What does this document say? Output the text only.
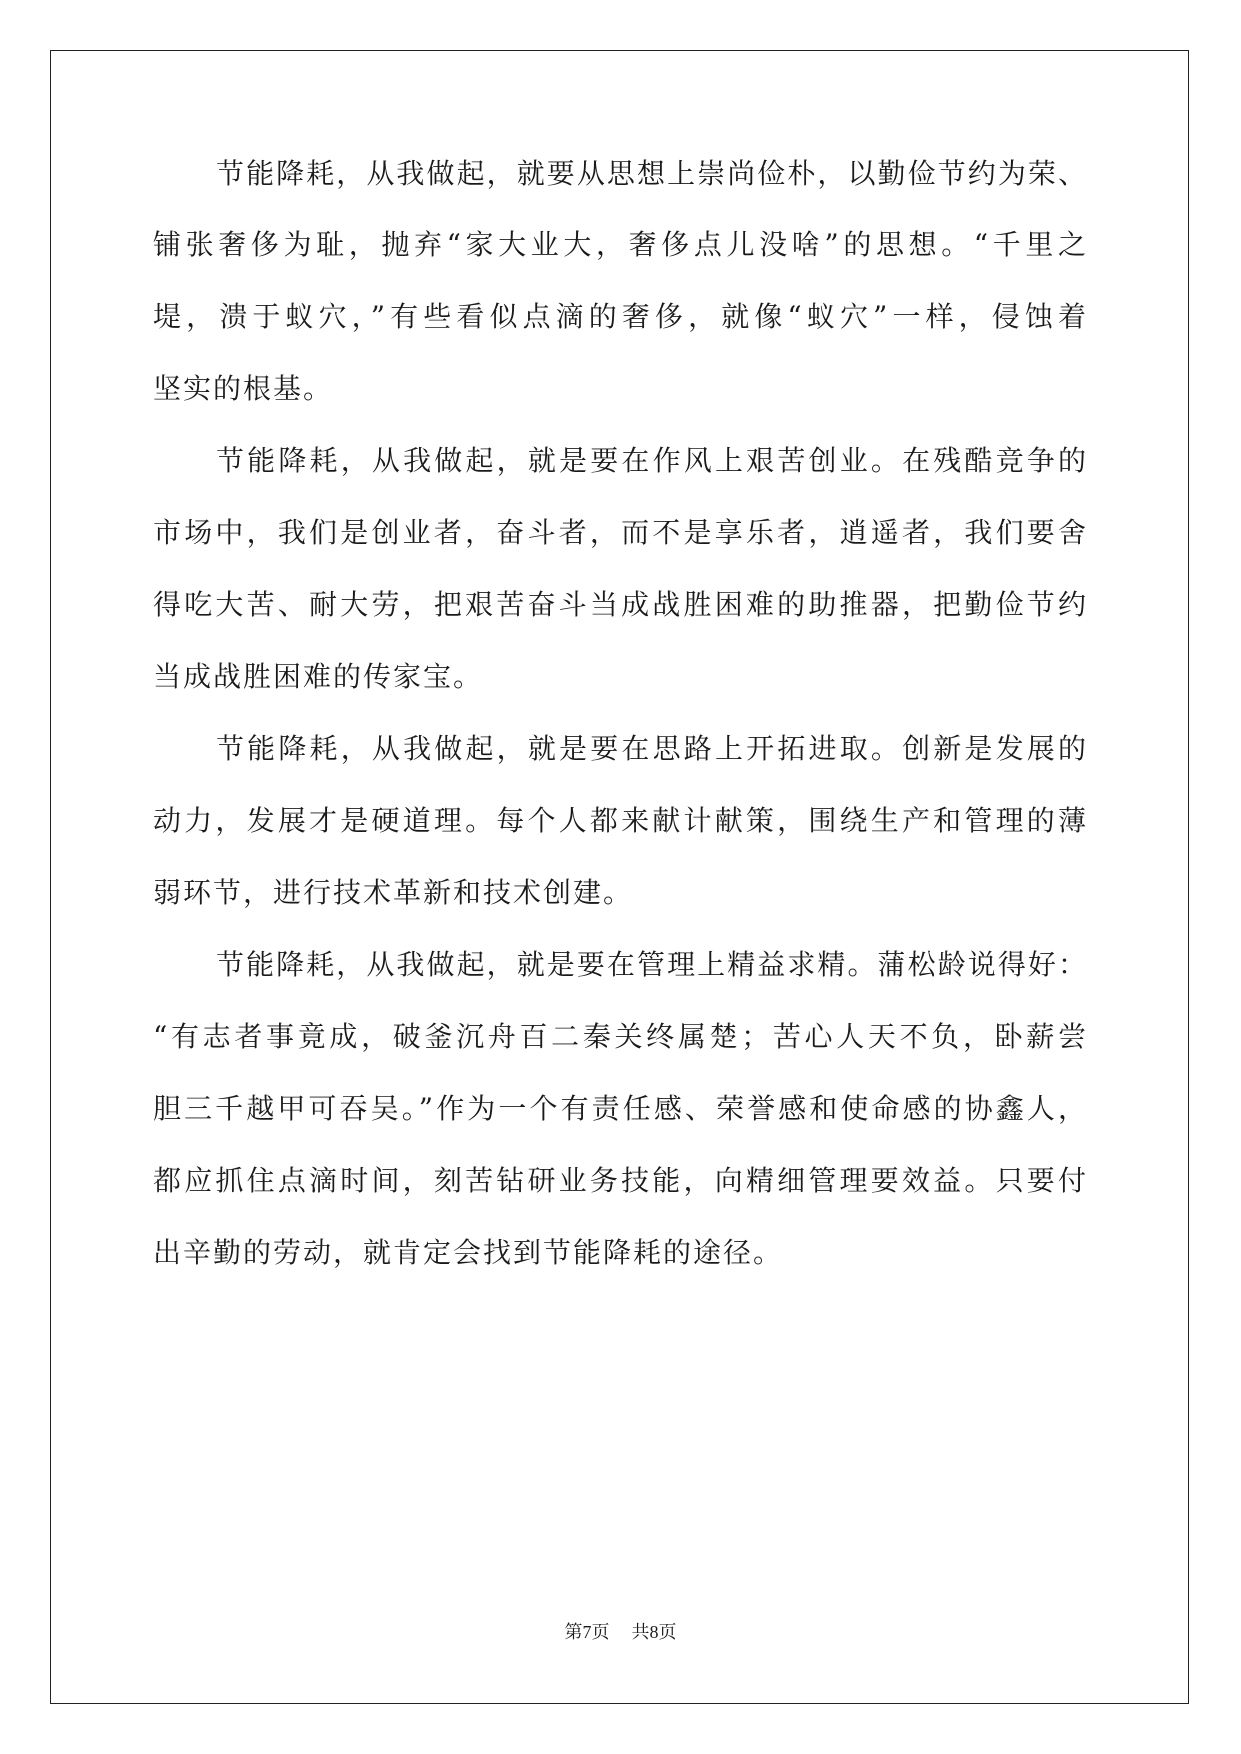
节能降耗，从我做起，就要从思想上崇尚俭朴，以勤俭节约为荣、
铺张奢侈为耻，抛弃“家大业大，奢侈点儿没啥”的思想。“千里之
堤，溃于蚁穴，”有些看似点滴的奢侈，就像“蚁穴”一样，侵蚀着
坚实的根基。
节能降耗，从我做起，就是要在作风上艰苦创业。在残酷竞争的
市场中，我们是创业者，奋斗者，而不是享乐者，逍遥者，我们要舍
得吃大苦、耐大劳，把艰苦奋斗当成战胜困难的助推器，把勤俭节约
当成战胜困难的传家宝。
节能降耗，从我做起，就是要在思路上开拓进取。创新是发展的
动力，发展才是硬道理。每个人都来献计献策，围绕生产和管理的薄
弱环节，进行技术革新和技术创建。
节能降耗，从我做起，就是要在管理上精益求精。蒲松龄说得好：
“有志者事竟成，破釜沉舟百二秦关终属楚；苦心人天不负，卧薪尝
胆三千越甲可吞吴。”作为一个有责任感、荣誉感和使命感的协鑫人，
都应抓住点滴时间，刻苦钻研业务技能，向精细管理要效益。只要付
出辛勤的劳动，就肯定会找到节能降耗的途径。
第7页 共8页
